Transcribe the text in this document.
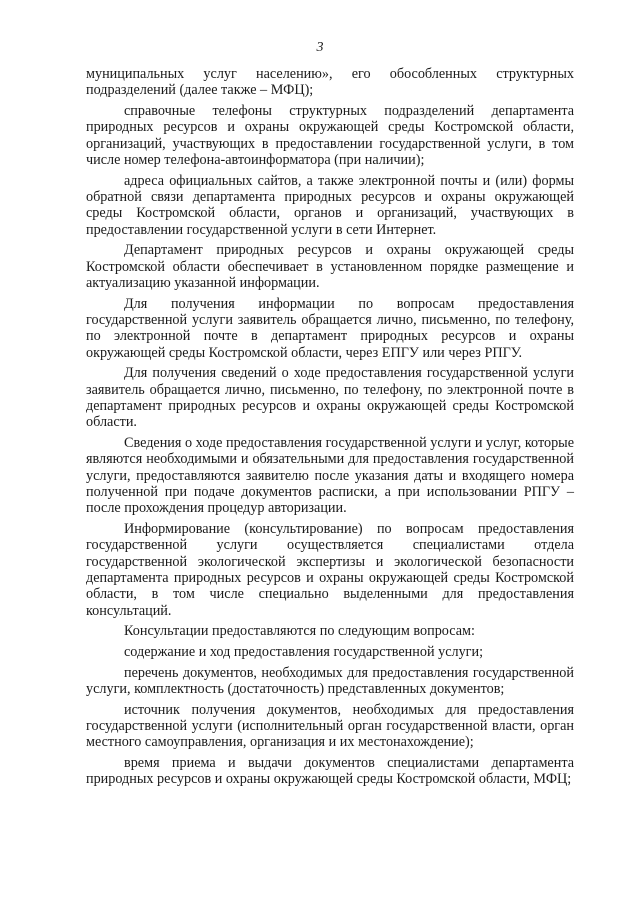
3

муниципальных услуг населению», его обособленных структурных подразделений (далее также – МФЦ);

справочные телефоны структурных подразделений департамента природных ресурсов и охраны окружающей среды Костромской области, организаций, участвующих в предоставлении государственной услуги, в том числе номер телефона-автоинформатора (при наличии);

адреса официальных сайтов, а также электронной почты и (или) формы обратной связи департамента природных ресурсов и охраны окружающей среды Костромской области, органов и организаций, участвующих в предоставлении государственной услуги в сети Интернет.

Департамент природных ресурсов и охраны окружающей среды Костромской области обеспечивает в установленном порядке размещение и актуализацию указанной информации.

Для получения информации по вопросам предоставления государственной услуги заявитель обращается лично, письменно, по телефону, по электронной почте в департамент природных ресурсов и охраны окружающей среды Костромской области, через ЕПГУ или через РПГУ.

Для получения сведений о ходе предоставления государственной услуги заявитель обращается лично, письменно, по телефону, по электронной почте в департамент природных ресурсов и охраны окружающей среды Костромской области.

Сведения о ходе предоставления государственной услуги и услуг, которые являются необходимыми и обязательными для предоставления государственной услуги, предоставляются заявителю после указания даты и входящего номера полученной при подаче документов расписки, а при использовании РПГУ – после прохождения процедур авторизации.

Информирование (консультирование) по вопросам предоставления государственной услуги осуществляется специалистами отдела государственной экологической экспертизы и экологической безопасности департамента природных ресурсов и охраны окружающей среды Костромской области, в том числе специально выделенными для предоставления консультаций.

Консультации предоставляются по следующим вопросам:

содержание и ход предоставления государственной услуги;

перечень документов, необходимых для предоставления государственной услуги, комплектность (достаточность) представленных документов;

источник получения документов, необходимых для предоставления государственной услуги (исполнительный орган государственной власти, орган местного самоуправления, организация и их местонахождение);

время приема и выдачи документов специалистами департамента природных ресурсов и охраны окружающей среды Костромской области, МФЦ;
